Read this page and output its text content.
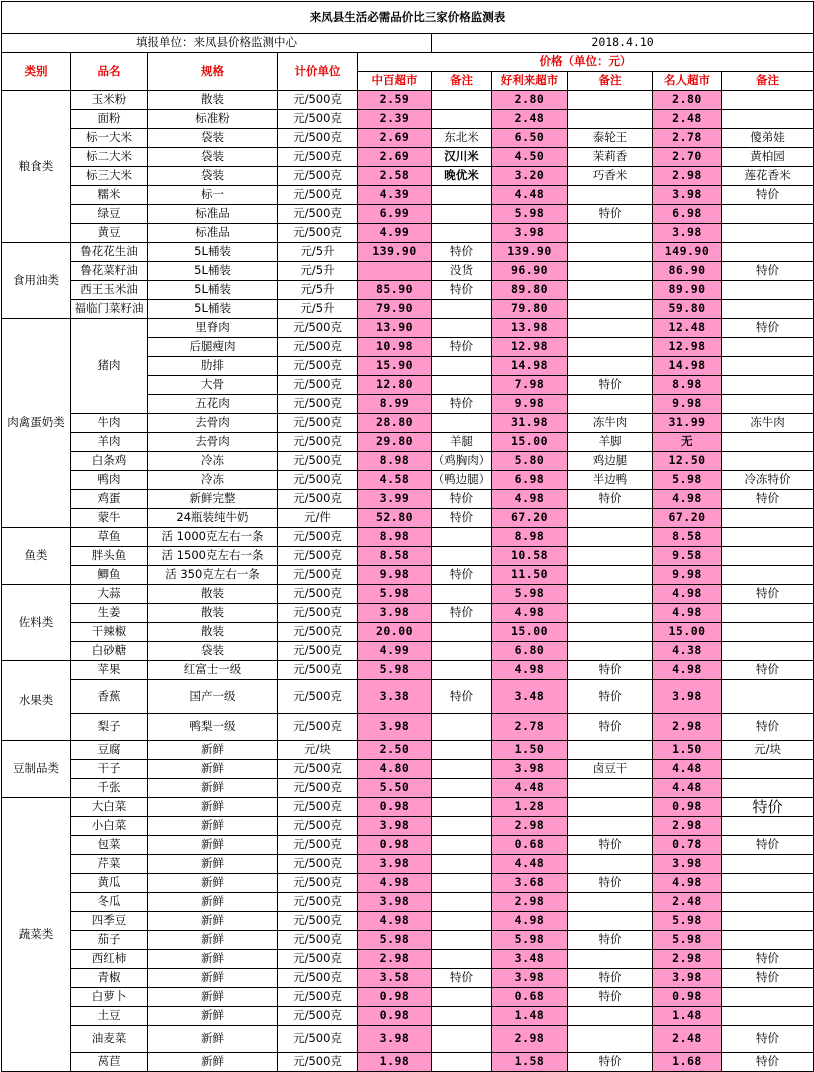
来凤县生活必需品价比三家价格监测表									
填报单位：来凤县价格监测中心					2018.4.10				
类别	品名	规格	计价单位	价格（单位：元）					
				中百超市	备注	好利来超市	备注	名人超市	备注
粮食类	玉米粉	散装	元/500克	2.59		2.80		2.80	
	面粉	标准粉	元/500克	2.39		2.48		2.48	
	标一大米	袋装	元/500克	2.69	东北米	6.50	泰轮王	2.78	傻弟娃
	标二大米	袋装	元/500克	2.69	汉川米	4.50	茉莉香	2.70	黄柏园
	标三大米	袋装	元/500克	2.58	晚优米	3.20	巧香米	2.98	莲花香米
	糯米	标一	元/500克	4.39		4.48		3.98	特价
	绿豆	标准品	元/500克	6.99		5.98	特价	6.98	
	黄豆	标准品	元/500克	4.99		3.98		3.98	
食用油类	鲁花花生油	5L桶装	元/5升	139.90	特价	139.90		149.90	
	鲁花菜籽油	5L桶装	元/5升		没货	96.90		86.90	特价
	西王玉米油	5L桶装	元/5升	85.90	特价	89.80		89.90	
	福临门菜籽油	5L桶装	元/5升	79.90		79.80		59.80	
肉禽蛋奶类	猪肉	里脊肉	元/500克	13.90		13.98		12.48	特价
		后腿瘦肉	元/500克	10.98	特价	12.98		12.98	
		肋排	元/500克	15.90		14.98		14.98	
		大骨	元/500克	12.80		7.98	特价	8.98	
		五花肉	元/500克	8.99	特价	9.98		9.98	
	牛肉	去骨肉	元/500克	28.80		31.98	冻牛肉	31.99	冻牛肉
	羊肉	去骨肉	元/500克	29.80	羊腿	15.00	羊脚	无	
	白条鸡	冷冻	元/500克	8.98	（鸡胸肉）	5.80	鸡边腿	12.50	
	鸭肉	冷冻	元/500克	4.58	（鸭边腿）	6.98	半边鸭	5.98	冷冻特价
	鸡蛋	新鲜完整	元/500克	3.99	特价	4.98	特价	4.98	特价
	蒙牛	24瓶装纯牛奶	元/件	52.80	特价	67.20		67.20	
鱼类	草鱼	活 1000克左右一条	元/500克	8.98		8.98		8.58	
	胖头鱼	活 1500克左右一条	元/500克	8.58		10.58		9.58	
	鲫鱼	活 350克左右一条	元/500克	9.98	特价	11.50		9.98	
佐料类	大蒜	散装	元/500克	5.98		5.98		4.98	特价
	生姜	散装	元/500克	3.98	特价	4.98		4.98	
	干辣椒	散装	元/500克	20.00		15.00		15.00	
	白砂糖	袋装	元/500克	4.99		6.80		4.38	
水果类	苹果	红富士一级	元/500克	5.98		4.98	特价	4.98	特价
	香蕉	国产一级	元/500克	3.38	特价	3.48	特价	3.98	
	梨子	鸭梨一级	元/500克	3.98		2.78	特价	2.98	特价
豆制品类	豆腐	新鲜	元/块	2.50		1.50		1.50	元/块
	干子	新鲜	元/500克	4.80		3.98	卤豆干	4.48	
	千张	新鲜	元/500克	5.50		4.48		4.48	
蔬菜类	大白菜	新鲜	元/500克	0.98		1.28		0.98	特价
	小白菜	新鲜	元/500克	3.98		2.98		2.98	
	包菜	新鲜	元/500克	0.98		0.68	特价	0.78	特价
	芹菜	新鲜	元/500克	3.98		4.48		3.98	
	黄瓜	新鲜	元/500克	4.98		3.68	特价	4.98	
	冬瓜	新鲜	元/500克	3.98		2.98		2.48	
	四季豆	新鲜	元/500克	4.98		4.98		5.98	
	茄子	新鲜	元/500克	5.98		5.98	特价	5.98	
	西红柿	新鲜	元/500克	2.98		3.48		2.98	特价
	青椒	新鲜	元/500克	3.58	特价	3.98	特价	3.98	特价
	白萝卜	新鲜	元/500克	0.98		0.68	特价	0.98	
	土豆	新鲜	元/500克	0.98		1.48		1.48	
	油麦菜	新鲜	元/500克	3.98		2.98		2.48	特价
	莴苣	新鲜	元/500克	1.98		1.58	特价	1.68	特价
